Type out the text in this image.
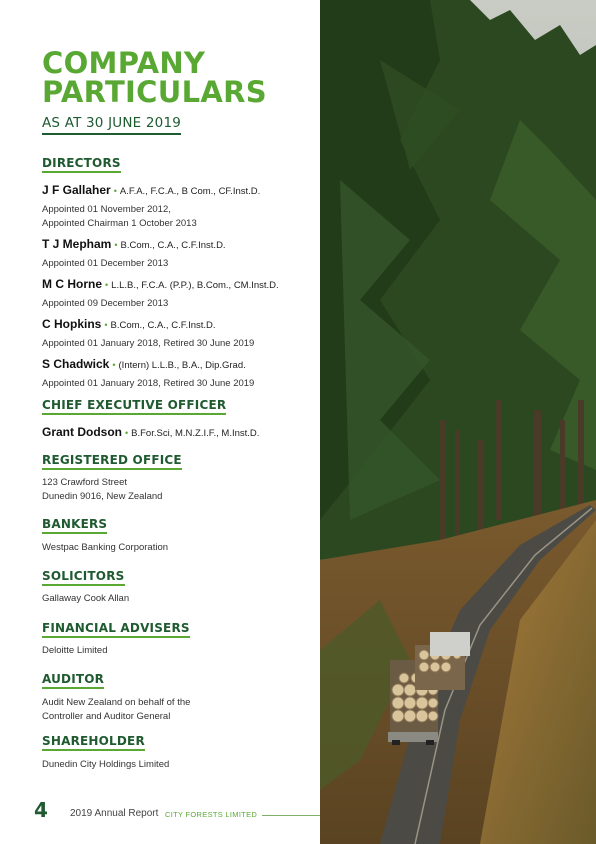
COMPANY PARTICULARS
AS AT 30 JUNE 2019
DIRECTORS
J F Gallaher • A.F.A., F.C.A., B Com., CF.Inst.D.
Appointed 01 November 2012,
Appointed Chairman 1 October 2013
T J Mepham • B.Com., C.A., C.F.Inst.D.
Appointed 01 December 2013
M C Horne • L.L.B., F.C.A. (P.P.), B.Com., CM.Inst.D.
Appointed 09 December 2013
C Hopkins • B.Com., C.A., C.F.Inst.D.
Appointed 01 January 2018, Retired 30 June 2019
S Chadwick • (Intern) L.L.B., B.A., Dip.Grad.
Appointed 01 January 2018, Retired 30 June 2019
CHIEF EXECUTIVE OFFICER
Grant Dodson • B.For.Sci, M.N.Z.I.F., M.Inst.D.
REGISTERED OFFICE
123 Crawford Street
Dunedin 9016, New Zealand
BANKERS
Westpac Banking Corporation
SOLICITORS
Gallaway Cook Allan
FINANCIAL ADVISERS
Deloitte Limited
AUDITOR
Audit New Zealand on behalf of the
Controller and Auditor General
SHAREHOLDER
Dunedin City Holdings Limited
4 2019 Annual Report CITY FORESTS LIMITED
